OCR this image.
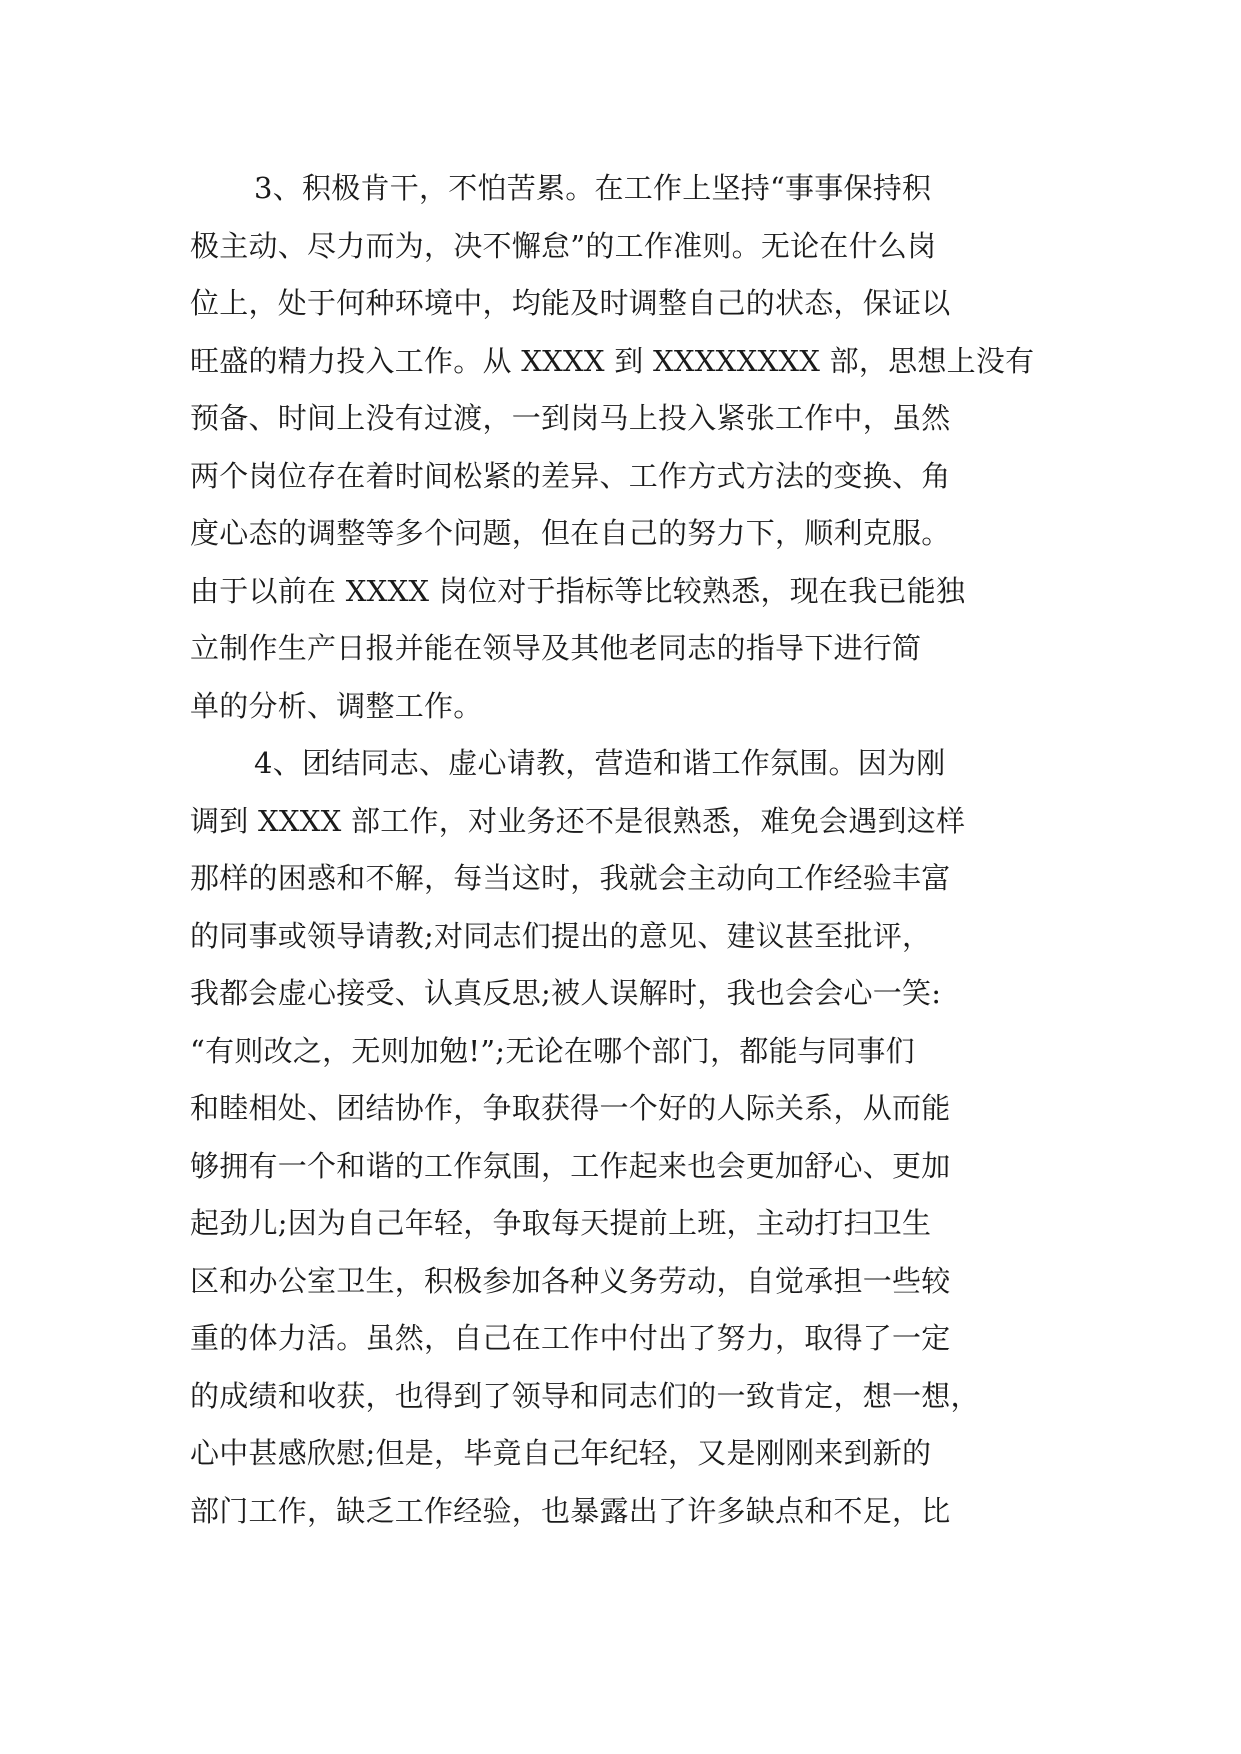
3、积极肯干，不怕苦累。在工作上坚持“事事保持积
极主动、尽力而为，决不懈怠”的工作准则。无论在什么岗
位上，处于何种环境中，均能及时调整自己的状态，保证以
旺盛的精力投入工作。从 XXXX 到 XXXXXXXX 部，思想上没有
预备、时间上没有过渡，一到岗马上投入紧张工作中，虽然
两个岗位存在着时间松紧的差异、工作方式方法的变换、角
度心态的调整等多个问题，但在自己的努力下，顺利克服。
由于以前在 XXXX 岗位对于指标等比较熟悉，现在我已能独
立制作生产日报并能在领导及其他老同志的指导下进行简
单的分析、调整工作。
4、团结同志、虚心请教，营造和谐工作氛围。因为刚
调到 XXXX 部工作，对业务还不是很熟悉，难免会遇到这样
那样的困惑和不解，每当这时，我就会主动向工作经验丰富
的同事或领导请教;对同志们提出的意见、建议甚至批评，
我都会虚心接受、认真反思;被人误解时，我也会会心一笑:
“有则改之，无则加勉!”;无论在哪个部门，都能与同事们
和睦相处、团结协作，争取获得一个好的人际关系，从而能
够拥有一个和谐的工作氛围，工作起来也会更加舒心、更加
起劲儿;因为自己年轻，争取每天提前上班，主动打扫卫生
区和办公室卫生，积极参加各种义务劳动，自觉承担一些较
重的体力活。虽然，自己在工作中付出了努力，取得了一定
的成绩和收获，也得到了领导和同志们的一致肯定，想一想，
心中甚感欣慰;但是，毕竟自己年纪轻，又是刚刚来到新的
部门工作，缺乏工作经验，也暴露出了许多缺点和不足，比
